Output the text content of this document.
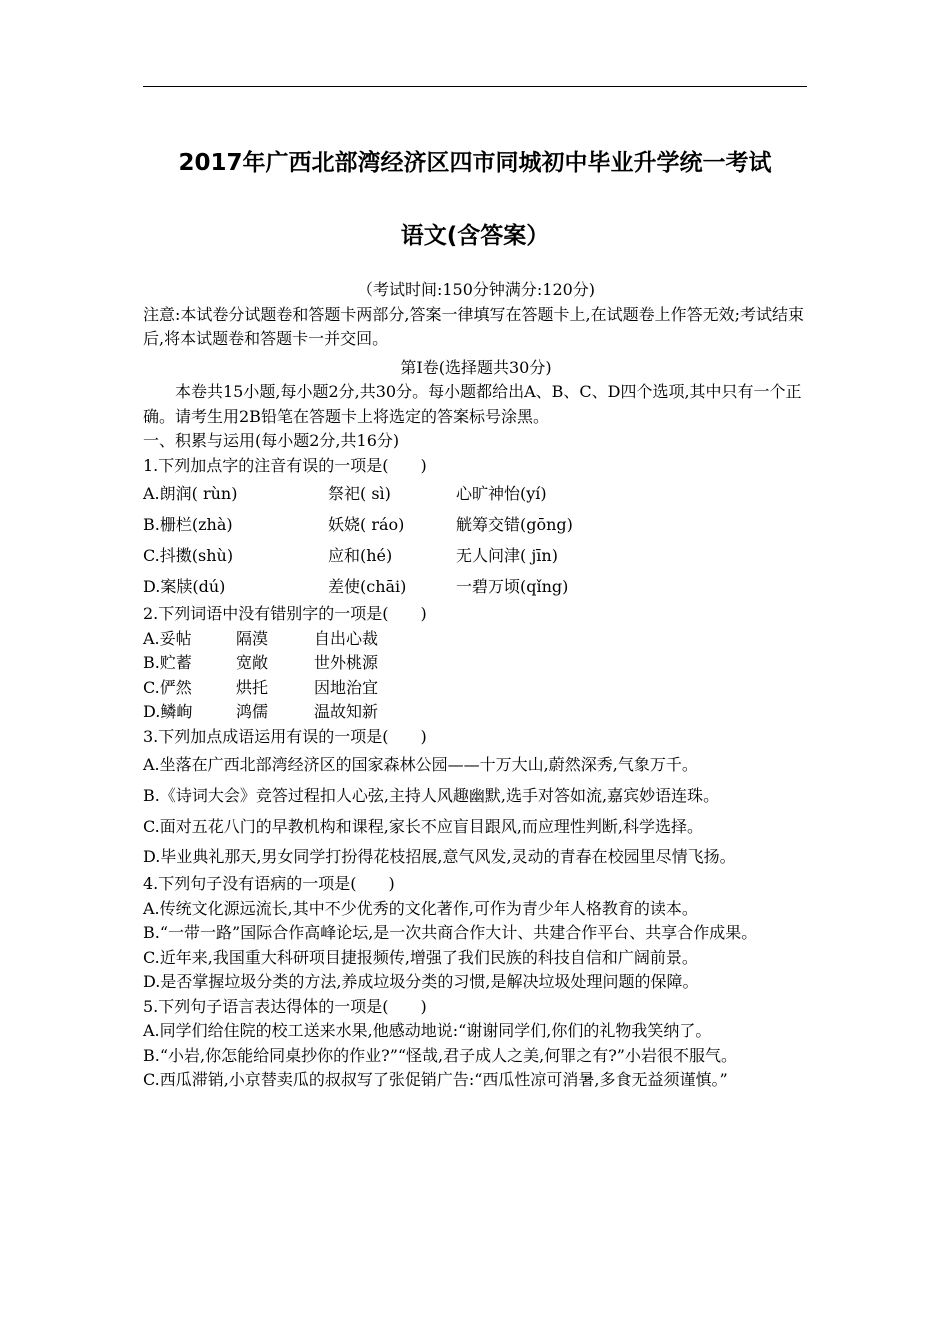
2017年广西北部湾经济区四市同城初中毕业升学统一考试
语文(含答案）

（考试时间:150分钟满分:120分)

注意:本试卷分试题卷和答题卡两部分,答案一律填写在答题卡上,在试题卷上作答无效;考试结束后,将本试题卷和答题卡一并交回。

第I卷(选择题共30分)

本卷共15小题,每小题2分,共30分。每小题都给出A、B、C、D四个选项,其中只有一个正确。请考生用2B铅笔在答题卡上将选定的答案标号涂黑。

一、积累与运用(每小题2分,共16分)

1.下列加点字的注音有误的一项是(　　)

A.朗润( rùn)	祭祀( sì)	心旷神怡(yí)
B.栅栏(zhà)	妖娆( ráo)	觥筹交错(gōng)
C.抖擞(shù)	应和(hé)	无人问津( jīn)
D.案牍(dú)	差使(chāi)	一碧万顷(qǐng)

2.下列词语中没有错别字的一项是(　　)

A.妥帖	隔漠	自出心裁
B.贮蓄	宽敞	世外桃源
C.俨然	烘托	因地治宜
D.鳞峋	鸿儒	温故知新

3.下列加点成语运用有误的一项是(　　)

A.坐落在广西北部湾经济区的国家森林公园——十万大山,蔚然深秀,气象万千。

B.《诗词大会》竞答过程扣人心弦,主持人风趣幽默,选手对答如流,嘉宾妙语连珠。

C.面对五花八门的早教机构和课程,家长不应盲目跟风,而应理性判断,科学选择。

D.毕业典礼那天,男女同学打扮得花枝招展,意气风发,灵动的青春在校园里尽情飞扬。

4.下列句子没有语病的一项是(　　)

A.传统文化源远流长,其中不少优秀的文化著作,可作为青少年人格教育的读本。

B.“一带一路”国际合作高峰论坛,是一次共商合作大计、共建合作平台、共享合作成果。

C.近年来,我国重大科研项目捷报频传,增强了我们民族的科技自信和广阔前景。

D.是否掌握垃圾分类的方法,养成垃圾分类的习惯,是解决垃圾处理问题的保障。

5.下列句子语言表达得体的一项是(　　)

A.同学们给住院的校工送来水果,他感动地说:“谢谢同学们,你们的礼物我笑纳了。

B.“小岩,你怎能给同桌抄你的作业?”“怪哉,君子成人之美,何罪之有?”小岩很不服气。

C.西瓜滞销,小京替卖瓜的叔叔写了张促销广告:“西瓜性凉可消暑,多食无益须谨慎。”
